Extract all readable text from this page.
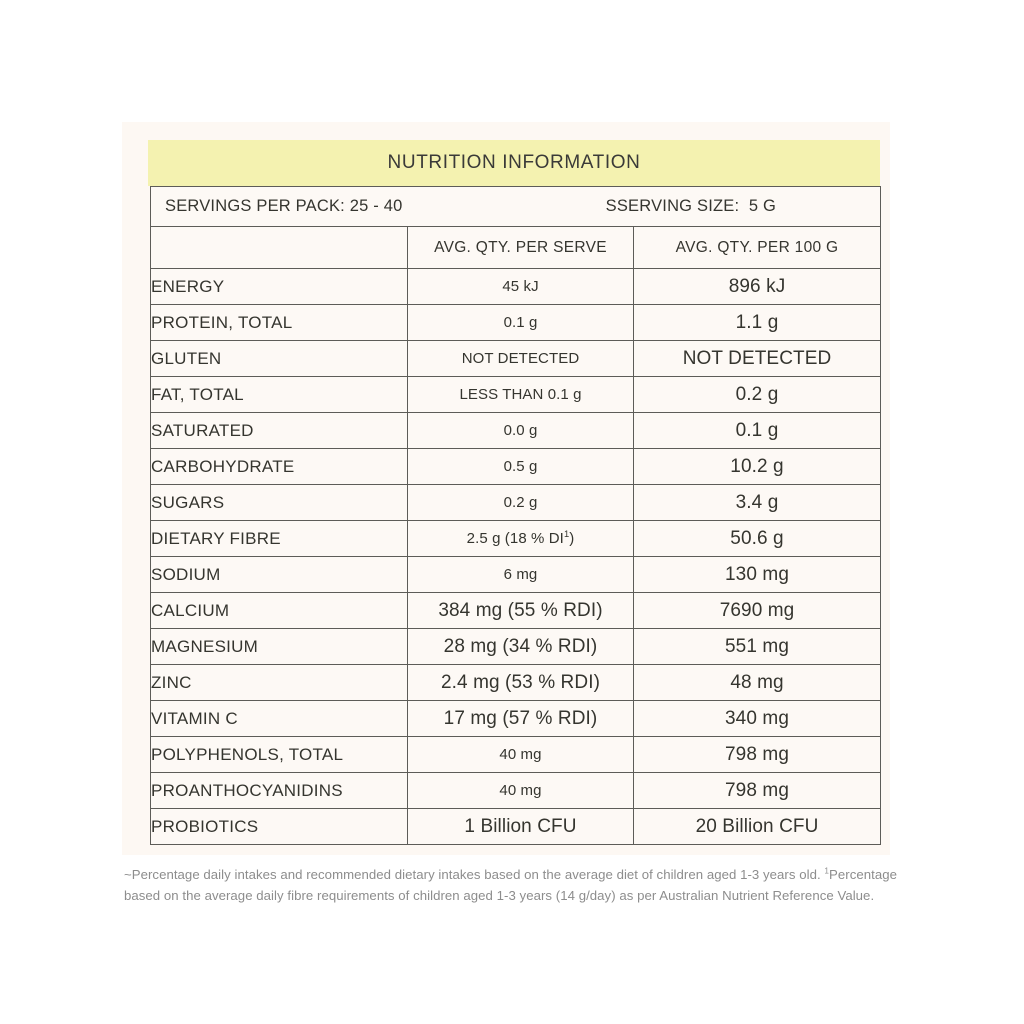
NUTRITION INFORMATION
SERVINGS PER PACK: 25 - 40 SSERVING SIZE:  5 G		

	AVG. QTY. PER SERVE	AVG. QTY. PER 100 G
ENERGY	45 kJ	896 kJ
PROTEIN, TOTAL	0.1 g	1.1 g
GLUTEN	NOT DETECTED	NOT DETECTED
FAT, TOTAL	LESS THAN 0.1 g	0.2 g
SATURATED	0.0 g	0.1 g
CARBOHYDRATE	0.5 g	10.2 g
SUGARS	0.2 g	3.4 g
DIETARY FIBRE	2.5 g (18 % $DI^1$)	50.6 g
SODIUM	6 mg	130 mg
CALCIUM	384 mg (55 % RDI)	7690 mg
MAGNESIUM	28 mg (34 % RDI)	551 mg
ZINC	2.4 mg (53 % RDI)	48 mg
VITAMIN C	17 mg (57 % RDI)	340 mg
POLYPHENOLS, TOTAL	40 mg	798 mg
PROANTHOCYANIDINS	40 mg	798 mg
PROBIOTICS	1 Billion CFU	20 Billion CFU
~Percentage daily intakes and recommended dietary intakes based on the average diet of children aged 1-3 years old. $^1$Percentage based on the average daily fibre requirements of children aged 1-3 years (14 g/day) as per Australian Nutrient Reference Value.
